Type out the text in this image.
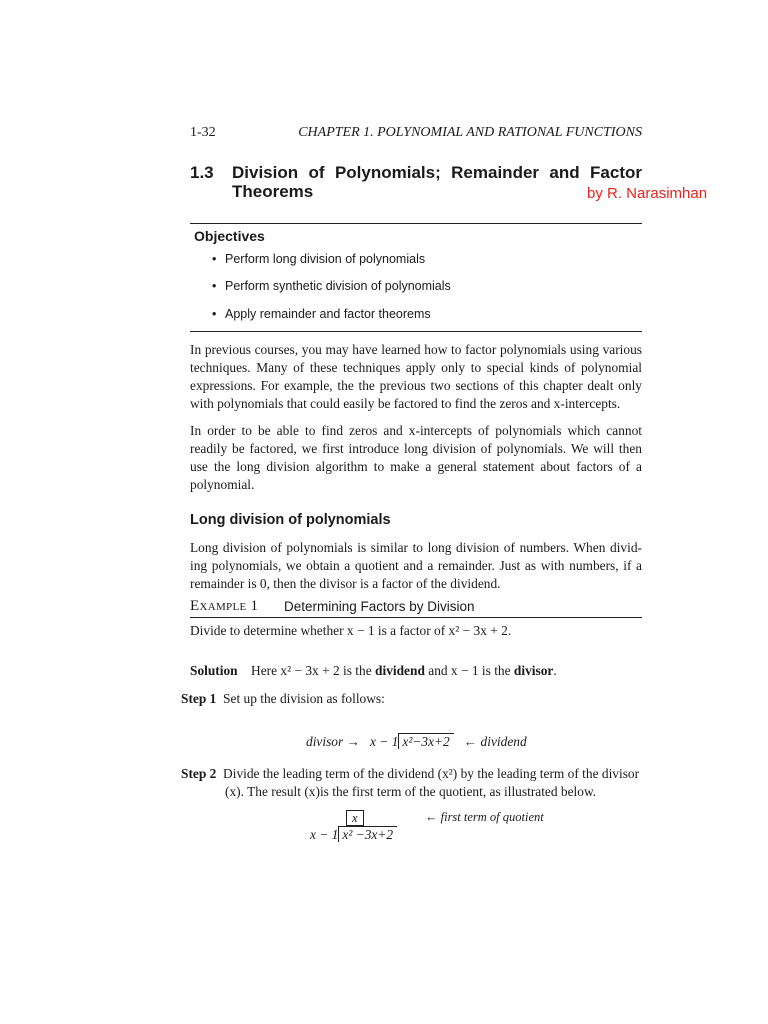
1-32	CHAPTER 1. POLYNOMIAL AND RATIONAL FUNCTIONS
1.3 Division of Polynomials; Remainder and Factor
Theorems	by R. Narasimhan
Objectives
• Perform long division of polynomials
• Perform synthetic division of polynomials
• Apply remainder and factor theorems
In previous courses, you may have learned how to factor polynomials using various
techniques. Many of these techniques apply only to special kinds of polynomial
expressions. For example, the the previous two sections of this chapter dealt only
with polynomials that could easily be factored to find the zeros and x-intercepts.
In order to be able to find zeros and x-intercepts of polynomials which cannot
readily be factored, we first introduce long division of polynomials. We will then
use the long division algorithm to make a general statement about factors of a
polynomial.
Long division of polynomials
Long division of polynomials is similar to long division of numbers. When divid-
ing polynomials, we obtain a quotient and a remainder. Just as with numbers, if a
remainder is 0, then the divisor is a factor of the dividend.
Example 1 Determining Factors by Division
Divide to determine whether x − 1 is a factor of x² − 3x + 2.
Solution Here x² − 3x + 2 is the dividend and x − 1 is the divisor.
Step 1 Set up the division as follows:
divisor → x − 1 x²−3x+2 ← dividend
Step 2 Divide the leading term of the dividend (x²) by the leading term of the divisor
(x). The result (x)is the first term of the quotient, as illustrated below.
x	← first term of quotient
x − 1 x² −3x+2
